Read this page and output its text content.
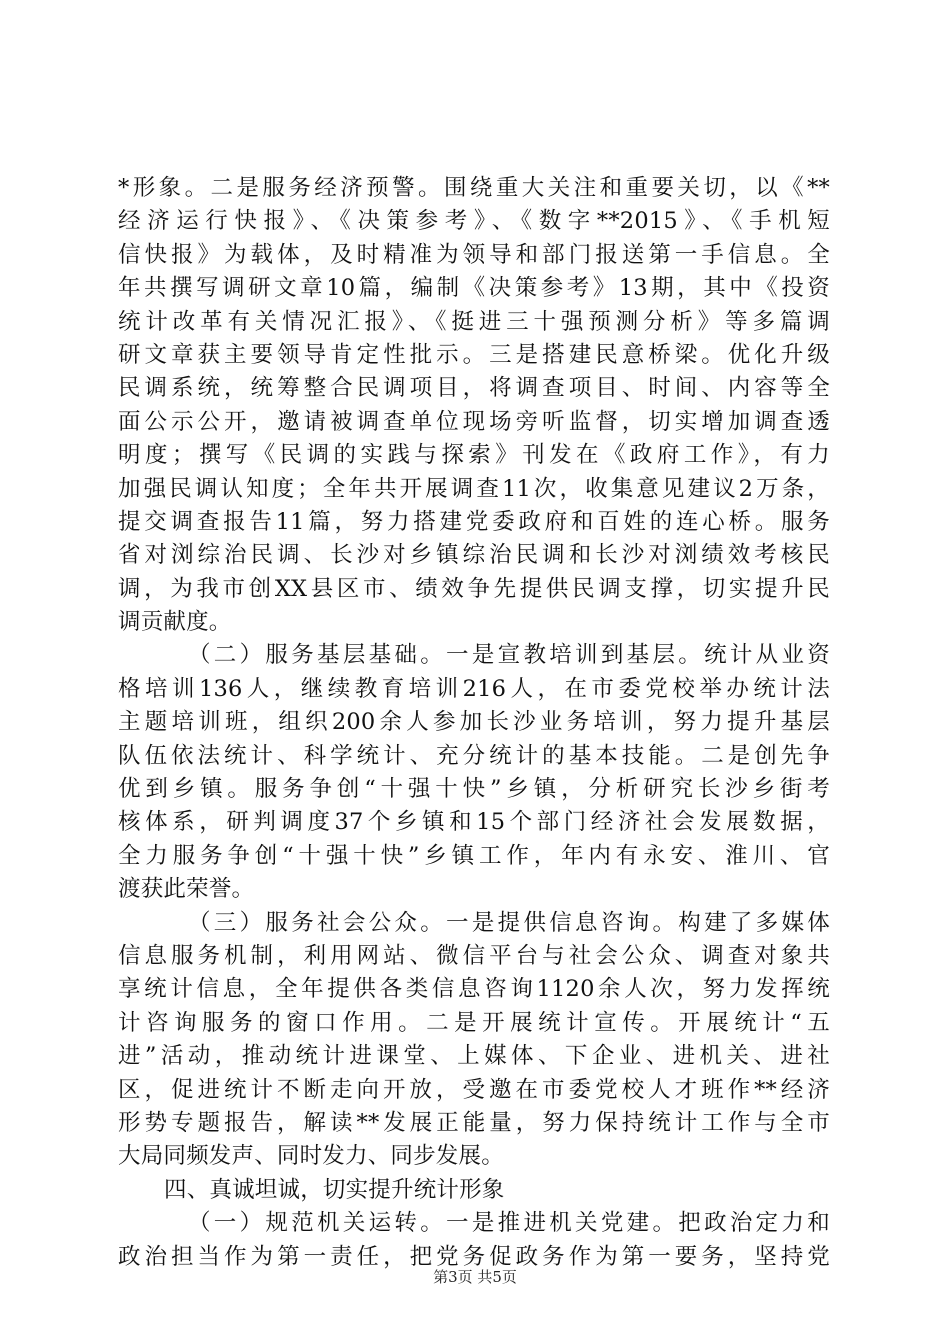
*形象。二是服务经济预警。围绕重大关注和重要关切，以《**
经济运行快报》、《决策参考》、《数字**2015》、《手机短
信快报》为载体，及时精准为领导和部门报送第一手信息。全
年共撰写调研文章10篇，编制《决策参考》13期，其中《投资
统计改革有关情况汇报》、《挺进三十强预测分析》等多篇调
研文章获主要领导肯定性批示。三是搭建民意桥梁。优化升级
民调系统，统筹整合民调项目，将调查项目、时间、内容等全
面公示公开，邀请被调查单位现场旁听监督，切实增加调查透
明度；撰写《民调的实践与探索》刊发在《政府工作》，有力
加强民调认知度；全年共开展调查11次，收集意见建议2万条，
提交调查报告11篇，努力搭建党委政府和百姓的连心桥。服务
省对浏综治民调、长沙对乡镇综治民调和长沙对浏绩效考核民
调，为我市创XX县区市、绩效争先提供民调支撑，切实提升民
调贡献度。
（二）服务基层基础。一是宣教培训到基层。统计从业资
格培训136人，继续教育培训216人，在市委党校举办统计法
主题培训班，组织200余人参加长沙业务培训，努力提升基层
队伍依法统计、科学统计、充分统计的基本技能。二是创先争
优到乡镇。服务争创“十强十快”乡镇，分析研究长沙乡街考
核体系，研判调度37个乡镇和15个部门经济社会发展数据，
全力服务争创“十强十快”乡镇工作，年内有永安、淮川、官
渡获此荣誉。
（三）服务社会公众。一是提供信息咨询。构建了多媒体
信息服务机制，利用网站、微信平台与社会公众、调查对象共
享统计信息，全年提供各类信息咨询1120余人次，努力发挥统
计咨询服务的窗口作用。二是开展统计宣传。开展统计“五
进”活动，推动统计进课堂、上媒体、下企业、进机关、进社
区，促进统计不断走向开放，受邀在市委党校人才班作**经济
形势专题报告，解读**发展正能量，努力保持统计工作与全市
大局同频发声、同时发力、同步发展。
四、真诚坦诚，切实提升统计形象
（一）规范机关运转。一是推进机关党建。把政治定力和
政治担当作为第一责任，把党务促政务作为第一要务，坚持党
第3页 共5页
